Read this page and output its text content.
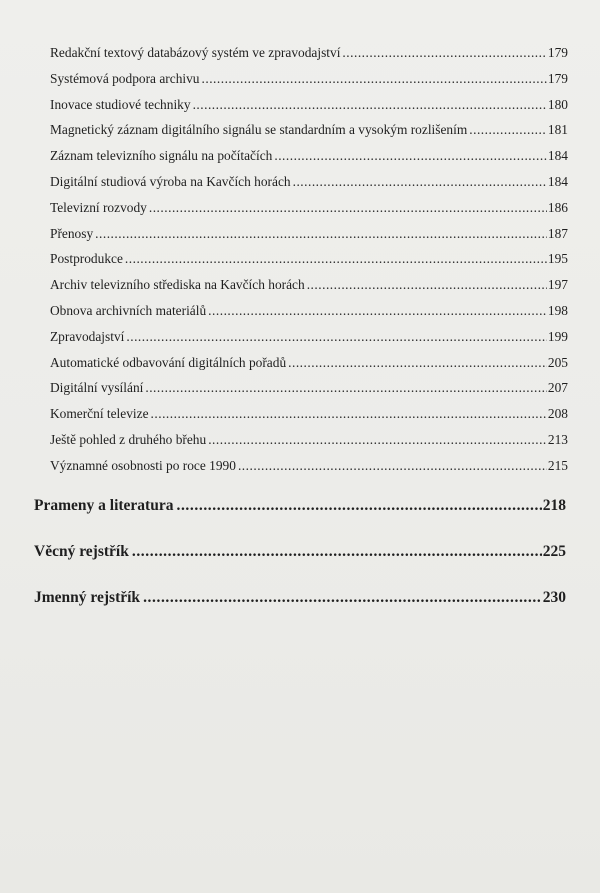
Redakční textový databázový systém ve zpravodajství .....	179
Systémová podpora archivu .....	179
Inovace studiové techniky .....	180
Magnetický záznam digitálního signálu se standardním a vysokým rozlišením .....	181
Záznam televizního signálu na počítačích .....	184
Digitální studiová výroba na Kavčích horách .....	184
Televizní rozvody .....	186
Přenosy .....	187
Postprodukce .....	195
Archiv televizního střediska na Kavčích horách .....	197
Obnova archivních materiálů .....	198
Zpravodajství .....	199
Automatické odbavování digitálních pořadů .....	205
Digitální vysílání .....	207
Komerční televize .....	208
Ještě pohled z druhého břehu .....	213
Významné osobnosti po roce 1990 .....	215
Prameny a literatura .....	218
Věcný rejstřík .....	225
Jmenný rejstřík .....	230
